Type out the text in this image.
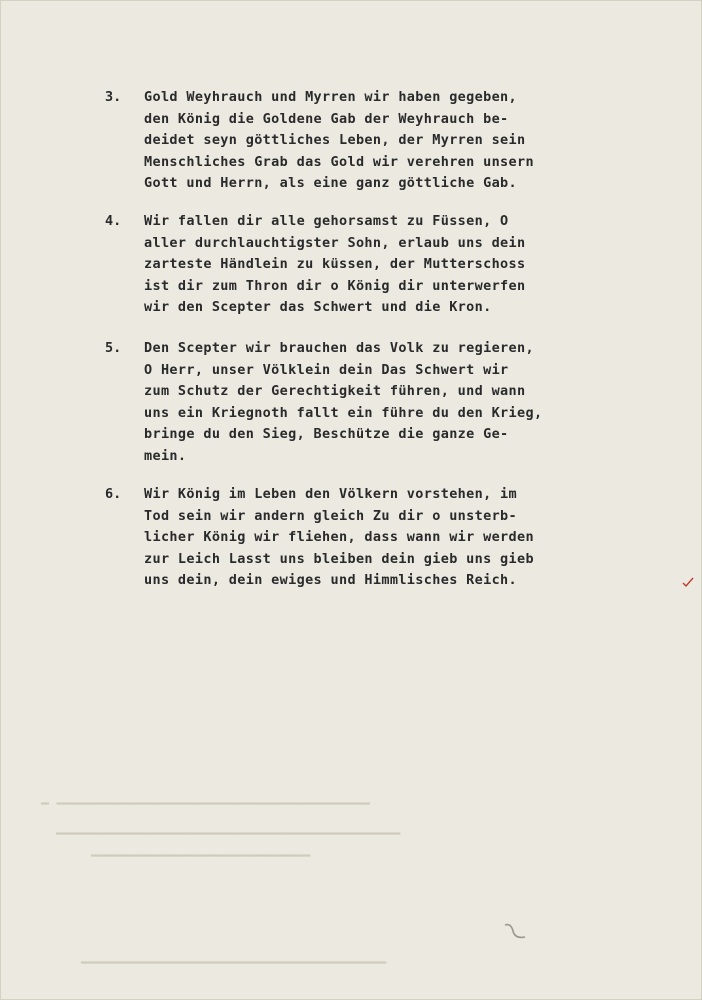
━ ━━━━━━━━━━━━━━━━━━━━━━━━━━━━━━━━━━━━━━━━
━━━━━━━━━━━━━━━━━━━━━━━━━━━━━━━━━━━━━━━━━━━━
━━━━━━━━━━━━━━━━━━━━━━━━━━━━
━━━━━━━━━━━━━━━━━━━━━━━━━━━━━━━━━━━━━━━
3. Gold Weyhrauch und Myrren wir haben gegeben,
den König die Goldene Gab der Weyhrauch be-
deidet seyn göttliches Leben, der Myrren sein
Menschliches Grab das Gold wir verehren unsern
Gott und Herrn, als eine ganz göttliche Gab.
4. Wir fallen dir alle gehorsamst zu Füssen, O
aller durchlauchtigster Sohn, erlaub uns dein
zarteste Händlein zu küssen, der Mutterschoss
ist dir zum Thron dir o König dir unterwerfen
wir den Scepter das Schwert und die Kron.
5. Den Scepter wir brauchen das Volk zu regieren,
O Herr, unser Völklein dein Das Schwert wir
zum Schutz der Gerechtigkeit führen, und wann
uns ein Kriegnoth fallt ein führe du den Krieg,
bringe du den Sieg, Beschütze die ganze Ge-
mein.
6. Wir König im Leben den Völkern vorstehen, im
Tod sein wir andern gleich Zu dir o unsterb-
licher König wir fliehen, dass wann wir werden
zur Leich Lasst uns bleiben dein gieb uns gieb
uns dein, dein ewiges und Himmlisches Reich.
